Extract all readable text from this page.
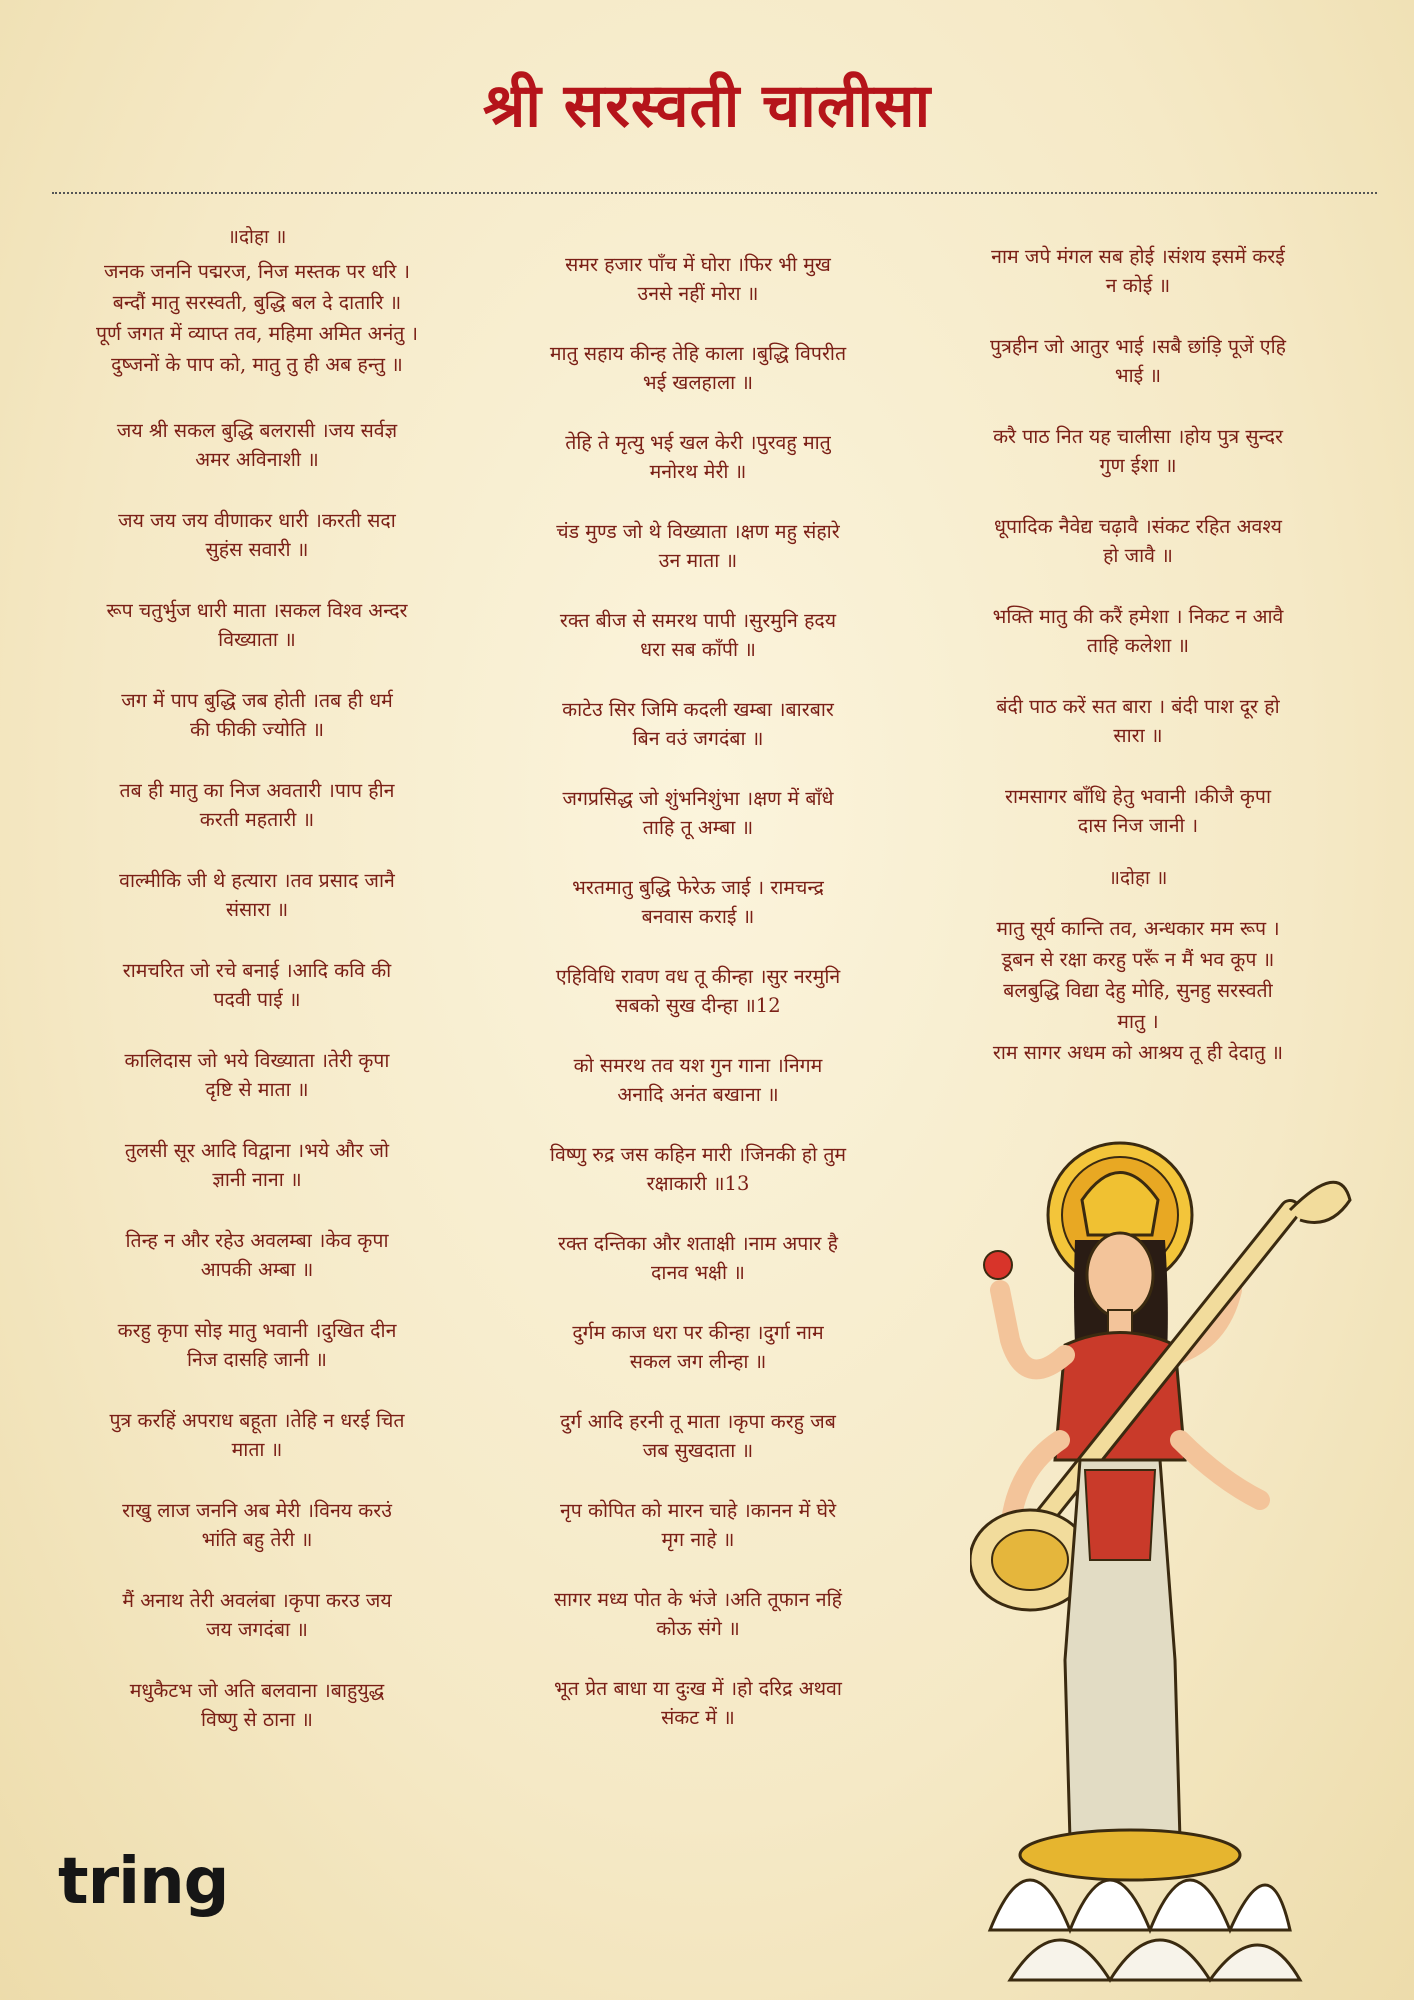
श्री सरस्वती चालीसा
॥दोहा ॥
जनक जननि पद्मरज, निज मस्तक पर धरि ।
बन्दौं मातु सरस्वती, बुद्धि बल दे दातारि ॥
पूर्ण जगत में व्याप्त तव, महिमा अमित अनंतु ।
दुष्जनों के पाप को, मातु तु ही अब हन्तु ॥
जय श्री सकल बुद्धि बलरासी ।जय सर्वज्ञ
अमर अविनाशी ॥
जय जय जय वीणाकर धारी ।करती सदा
सुहंस सवारी ॥
रूप चतुर्भुज धारी माता ।सकल विश्व अन्दर
विख्याता ॥
जग में पाप बुद्धि जब होती ।तब ही धर्म
की फीकी ज्योति ॥
तब ही मातु का निज अवतारी ।पाप हीन
करती महतारी ॥
वाल्मीकि जी थे हत्यारा ।तव प्रसाद जानै
संसारा ॥
रामचरित जो रचे बनाई ।आदि कवि की
पदवी पाई ॥
कालिदास जो भये विख्याता ।तेरी कृपा
दृष्टि से माता ॥
तुलसी सूर आदि विद्वाना ।भये और जो
ज्ञानी नाना ॥
तिन्ह न और रहेउ अवलम्बा ।केव कृपा
आपकी अम्बा ॥
करहु कृपा सोइ मातु भवानी ।दुखित दीन
निज दासहि जानी ॥
पुत्र करहिं अपराध बहूता ।तेहि न धरई चित
माता ॥
राखु लाज जननि अब मेरी ।विनय करउं
भांति बहु तेरी ॥
मैं अनाथ तेरी अवलंबा ।कृपा करउ जय
जय जगदंबा ॥
मधुकैटभ जो अति बलवाना ।बाहुयुद्ध
विष्णु से ठाना ॥
समर हजार पाँच में घोरा ।फिर भी मुख
उनसे नहीं मोरा ॥
मातु सहाय कीन्ह तेहि काला ।बुद्धि विपरीत
भई खलहाला ॥
तेहि ते मृत्यु भई खल केरी ।पुरवहु मातु
मनोरथ मेरी ॥
चंड मुण्ड जो थे विख्याता ।क्षण महु संहारे
उन माता ॥
रक्त बीज से समरथ पापी ।सुरमुनि हदय
धरा सब काँपी ॥
काटेउ सिर जिमि कदली खम्बा ।बारबार
बिन वउं जगदंबा ॥
जगप्रसिद्ध जो शुंभनिशुंभा ।क्षण में बाँधे
ताहि तू अम्बा ॥
भरतमातु बुद्धि फेरेऊ जाई । रामचन्द्र
बनवास कराई ॥
एहिविधि रावण वध तू कीन्हा ।सुर नरमुनि
सबको सुख दीन्हा ॥12
को समरथ तव यश गुन गाना ।निगम
अनादि अनंत बखाना ॥
विष्णु रुद्र जस कहिन मारी ।जिनकी हो तुम
रक्षाकारी ॥13
रक्त दन्तिका और शताक्षी ।नाम अपार है
दानव भक्षी ॥
दुर्गम काज धरा पर कीन्हा ।दुर्गा नाम
सकल जग लीन्हा ॥
दुर्ग आदि हरनी तू माता ।कृपा करहु जब
जब सुखदाता ॥
नृप कोपित को मारन चाहे ।कानन में घेरे
मृग नाहे ॥
सागर मध्य पोत के भंजे ।अति तूफान नहिं
कोऊ संगे ॥
भूत प्रेत बाधा या दुःख में ।हो दरिद्र अथवा
संकट में ॥
नाम जपे मंगल सब होई ।संशय इसमें करई
न कोई ॥
पुत्रहीन जो आतुर भाई ।सबै छांड़ि पूजें एहि
भाई ॥
करै पाठ नित यह चालीसा ।होय पुत्र सुन्दर
गुण ईशा ॥
धूपादिक नैवेद्य चढ़ावै ।संकट रहित अवश्य
हो जावै ॥
भक्ति मातु की करैं हमेशा । निकट न आवै
ताहि कलेशा ॥
बंदी पाठ करें सत बारा । बंदी पाश दूर हो
सारा ॥
रामसागर बाँधि हेतु भवानी ।कीजै कृपा
दास निज जानी ।
॥दोहा ॥
मातु सूर्य कान्ति तव, अन्धकार मम रूप ।
डूबन से रक्षा करहु परूँ न मैं भव कूप ॥
बलबुद्धि विद्या देहु मोहि, सुनहु सरस्वती
मातु ।
राम सागर अधम को आश्रय तू ही देदातु ॥
tring
